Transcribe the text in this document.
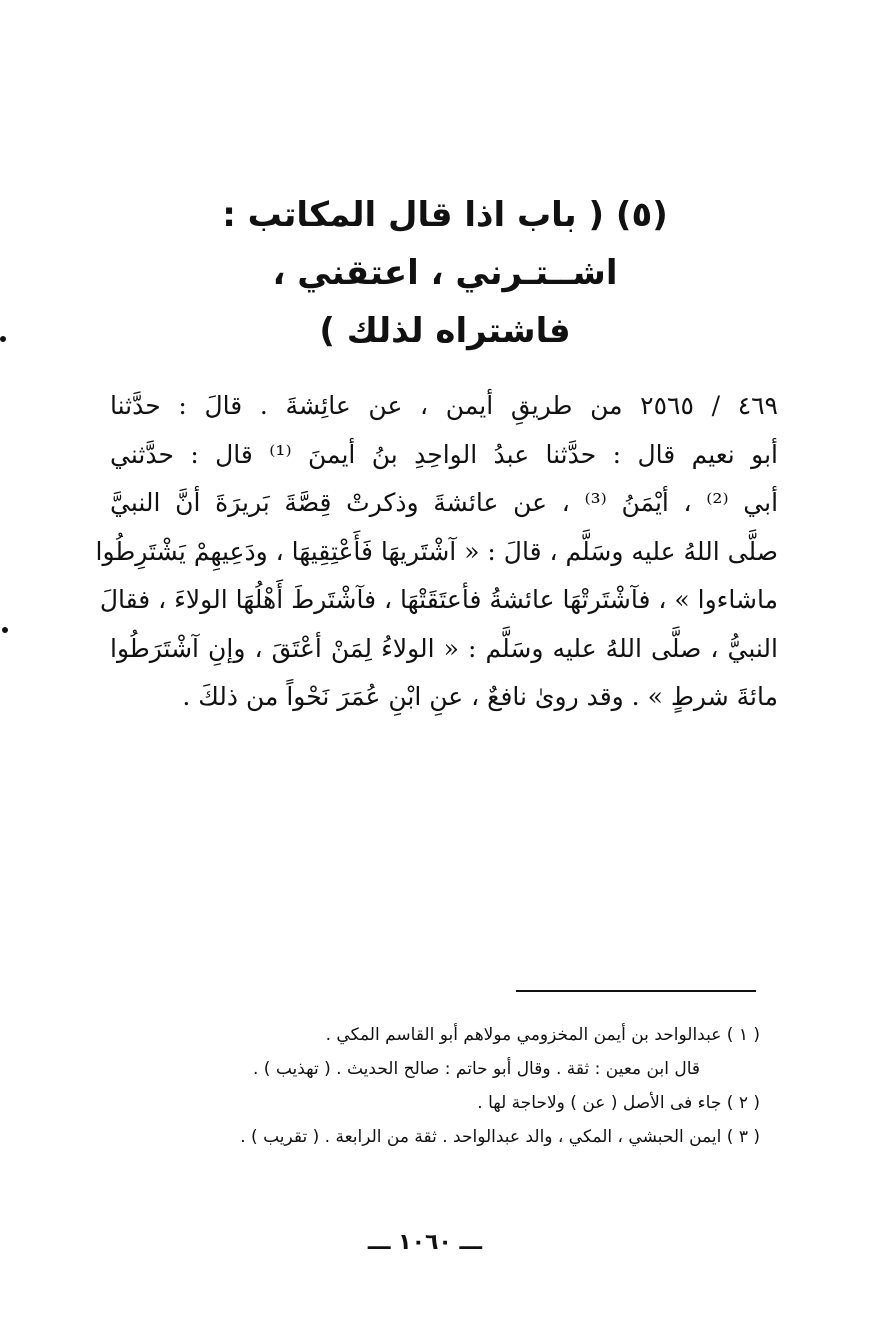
(٥) ( باب اذا قال المكاتب :
اشــتـرني ، اعتقني ،
فاشتراه لذلك )
٤٦٩ / ٢٥٦٥ من طريقِ أيمن ، عن عائِشةَ . قالَ : حدَّثنا
أبو نعيم قال : حدَّثنا عبدُ الواحِدِ بنُ أيمنَ ⁽¹⁾ قال : حدَّثني
أبي ⁽²⁾ ، أيْمَنُ ⁽³⁾ ، عن عائشةَ وذكرتْ قِصَّةَ بَريرَةَ أنَّ النبيَّ
صلَّى اللهُ عليه وسَلَّم ، قالَ : « آشْتَريهَا فَأَعْتِقِيهَا ، ودَعِيهِمْ يَشْتَرِطُوا
ماشاءوا » ، فآشْتَرتْهَا عائشةُ فأعتَقَتْهَا ، فآشْتَرطَ أَهْلُهَا الولاءَ ، فقالَ
النبيُّ ، صلَّى اللهُ عليه وسَلَّم : « الولاءُ لِمَنْ أعْتَقَ ، وإنِ آشْتَرَطُوا
مائةَ شرطٍ » . وقد روىٰ نافعٌ ، عنِ ابْنِ عُمَرَ نَحْواً من ذلكَ .
( ١ ) عبدالواحد بن أيمن المخزومي مولاهم أبو القاسم المكي .
قال ابن معين : ثقة . وقال أبو حاتم : صالح الحديث . ( تهذيب ) .
( ٢ ) جاء فى الأصل ( عن ) ولاحاجة لها .
( ٣ ) ايمن الحبشي ، المكي ، والد عبدالواحد . ثقة من الرابعة . ( تقريب ) .
ـــ ١٠٦٠ ـــ
